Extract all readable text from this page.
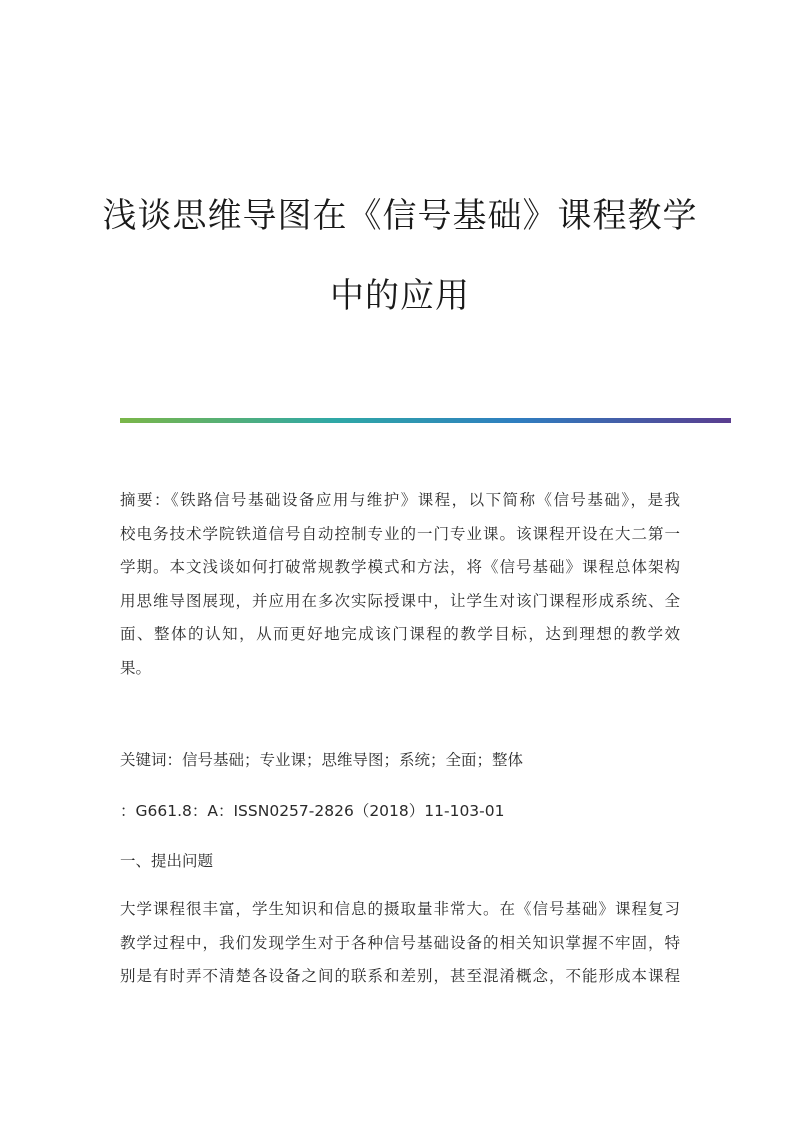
浅谈思维导图在《信号基础》课程教学
中的应用
摘要：《铁路信号基础设备应用与维护》课程，以下简称《信号基础》，是我
校电务技术学院铁道信号自动控制专业的一门专业课。该课程开设在大二第一
学期。本文浅谈如何打破常规教学模式和方法，将《信号基础》课程总体架构
用思维导图展现，并应用在多次实际授课中，让学生对该门课程形成系统、全
面、整体的认知，从而更好地完成该门课程的教学目标，达到理想的教学效
果。
关键词：信号基础；专业课；思维导图；系统；全面；整体
：G661.8：A：ISSN0257-2826（2018）11-103-01
一、提出问题
大学课程很丰富，学生知识和信息的摄取量非常大。在《信号基础》课程复习
教学过程中，我们发现学生对于各种信号基础设备的相关知识掌握不牢固，特
别是有时弄不清楚各设备之间的联系和差别，甚至混淆概念，不能形成本课程
